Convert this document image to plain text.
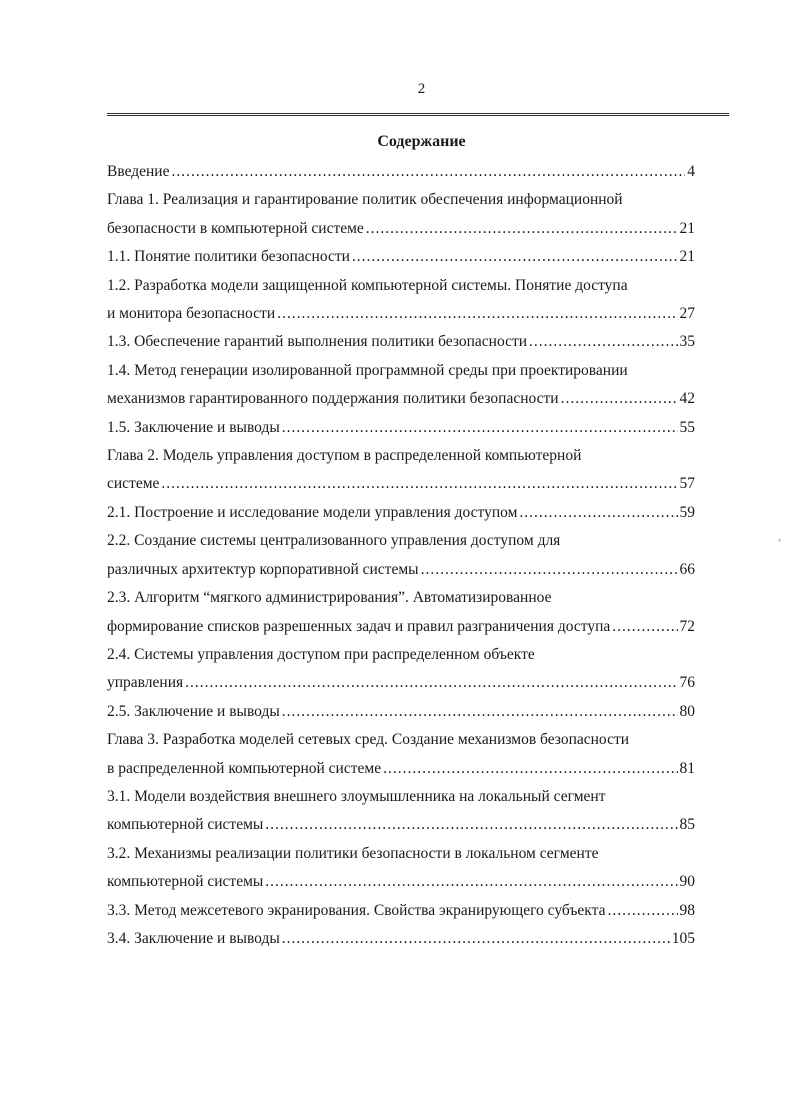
2
Содержание
Введение .....	4
Глава 1. Реализация и гарантирование политик обеспечения информационной
безопасности в компьютерной системе .....	21
1.1. Понятие политики безопасности .....	21
1.2. Разработка модели защищенной компьютерной системы. Понятие доступа
и монитора безопасности .....	27
1.3. Обеспечение гарантий выполнения политики безопасности .....	35
1.4. Метод генерации изолированной программной среды при проектировании
механизмов гарантированного поддержания политики безопасности .....	42
1.5. Заключение и выводы .....	55
Глава 2. Модель управления доступом в распределенной компьютерной
системе .....	57
2.1. Построение и исследование модели управления доступом .....	59
2.2. Создание системы централизованного управления доступом для
различных архитектур корпоративной системы .....	66
2.3. Алгоритм “мягкого администрирования”. Автоматизированное
формирование списков разрешенных задач и правил разграничения доступа .....	72
2.4. Системы управления доступом при распределенном объекте
управления .....	76
2.5. Заключение и выводы .....	80
Глава 3. Разработка моделей сетевых сред. Создание механизмов безопасности
в распределенной компьютерной системе .....	81
3.1. Модели воздействия внешнего злоумышленника на локальный сегмент
компьютерной системы .....	85
3.2. Механизмы реализации политики безопасности в локальном сегменте
компьютерной системы .....	90
3.3. Метод межсетевого экранирования. Свойства экранирующего субъекта .....	98
3.4. Заключение и выводы .....	105
ᵓ
